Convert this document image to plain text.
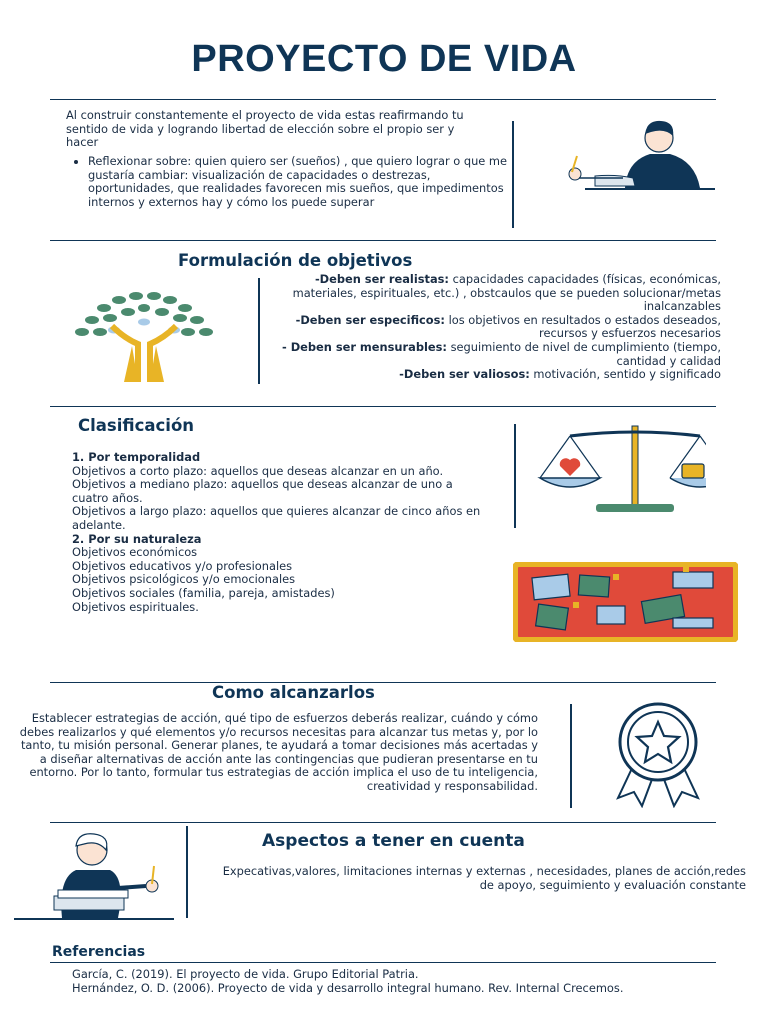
PROYECTO DE VIDA
Al construir constantemente el proyecto de vida estas reafirmando tu sentido de vida y logrando libertad de elección sobre el propio ser y hacer
• Reflexionar sobre: quien quiero ser (sueños) , que quiero lograr o que me gustaría cambiar: visualización de capacidades o destrezas, oportunidades, que realidades favorecen mis sueños, que impedimentos internos y externos hay y cómo los puede superar
Formulación de objetivos
-Deben ser realistas: capacidades capacidades (físicas, económicas, materiales, espirituales, etc.) , obstcaulos que se pueden solucionar/metas inalcanzables
-Deben ser especificos: los objetivos en resultados o estados deseados, recursos y esfuerzos necesarios
- Deben ser mensurables: seguimiento de nivel de cumplimiento (tiempo, cantidad y calidad
-Deben ser valiosos: motivación, sentido y significado
Clasificación
1. Por temporalidad
Objetivos a corto plazo: aquellos que deseas alcanzar en un año.
Objetivos a mediano plazo: aquellos que deseas alcanzar de uno a cuatro años.
Objetivos a largo plazo: aquellos que quieres alcanzar de cinco años en adelante.
2. Por su naturaleza
Objetivos económicos
Objetivos educativos y/o profesionales
Objetivos psicológicos y/o emocionales
Objetivos sociales (familia, pareja, amistades)
Objetivos espirituales.
Como alcanzarlos
Establecer estrategias de acción, qué tipo de esfuerzos deberás realizar, cuándo y cómo debes realizarlos y qué elementos y/o recursos necesitas para alcanzar tus metas y, por lo tanto, tu misión personal. Generar planes, te ayudará a tomar decisiones más acertadas y a diseñar alternativas de acción ante las contingencias que pudieran presentarse en tu entorno. Por lo tanto, formular tus estrategias de acción implica el uso de tu inteligencia, creatividad y responsabilidad.
Aspectos a tener en cuenta
Expecativas,valores, limitaciones internas y externas , necesidades, planes de acción,redes de apoyo, seguimiento y evaluación constante
Referencias
García, C. (2019). El proyecto de vida. Grupo Editorial Patria.
Hernández, O. D. (2006). Proyecto de vida y desarrollo integral humano. Rev. Internal Crecemos.
